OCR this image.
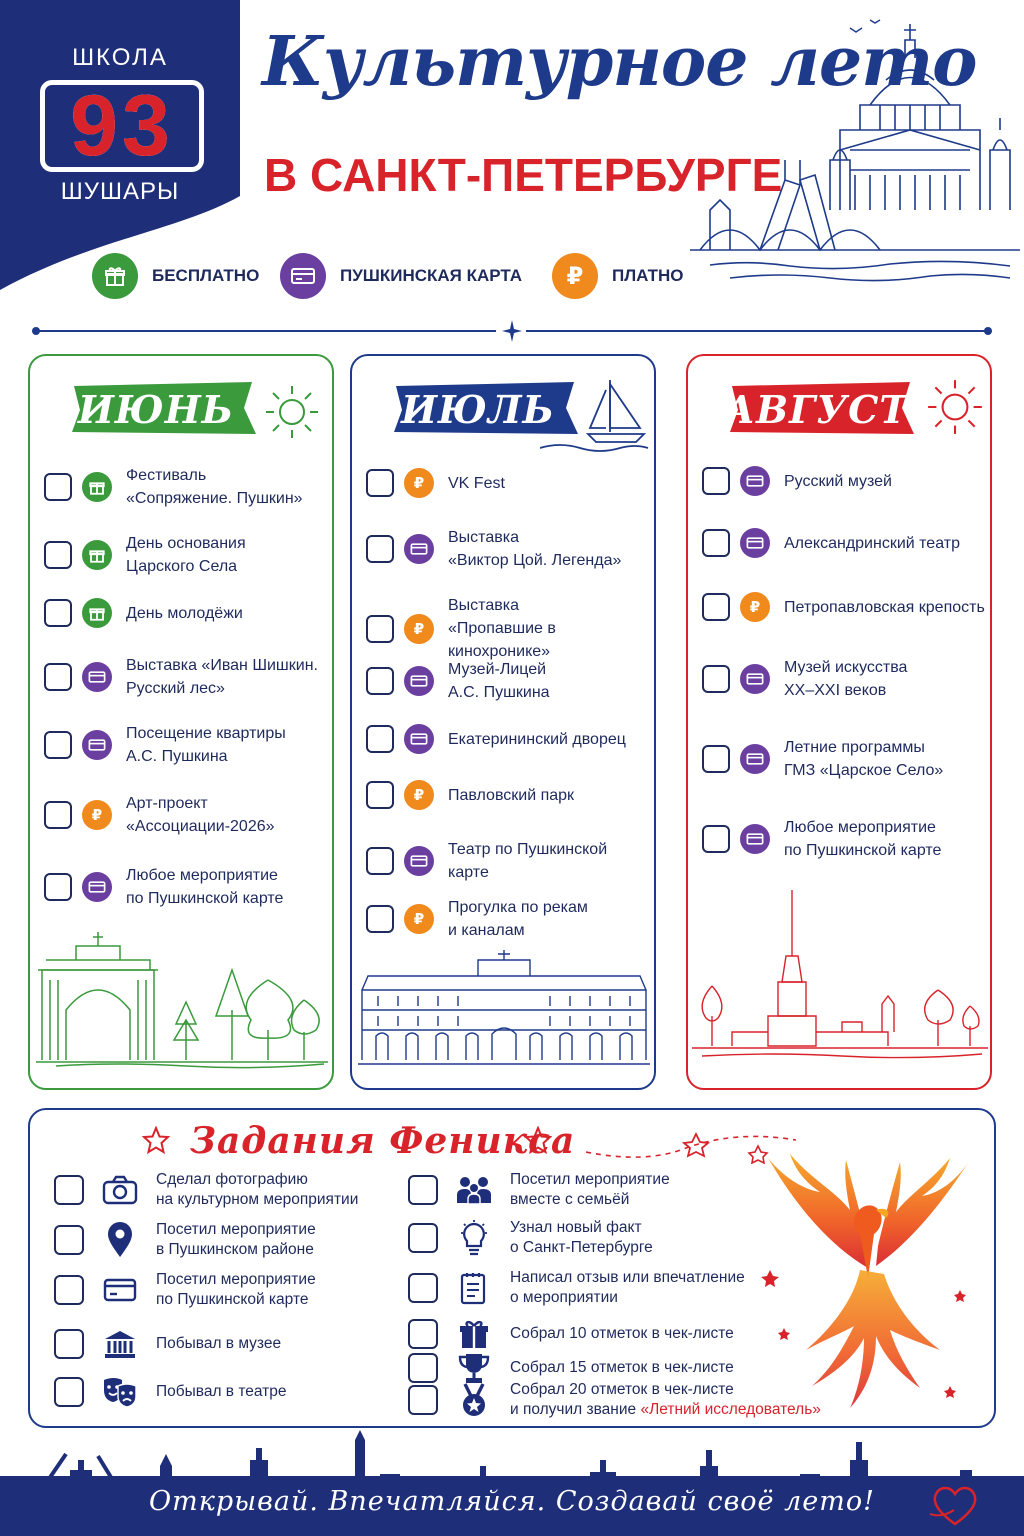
ШКОЛА
93
ШУШАРЫ
Культурное лето
В САНКТ-ПЕТЕРБУРГЕ
БЕСПЛАТНО	ПУШКИНСКАЯ КАРТА	₽	ПЛАТНО
ИЮНЬ
Фестиваль
«Сопряжение. Пушкин»
День основания
Царского Села
День молодёжи
Выставка «Иван Шишкин.
Русский лес»
Посещение квартиры
А.С. Пушкина
₽
Арт-проект
«Ассоциации-2026»
Любое мероприятие
по Пушкинской карте
ИЮЛЬ
₽	VK Fest
Выставка
«Виктор Цой. Легенда»
₽
Выставка
«Пропавшие в кинохронике»
Музей-Лицей
А.С. Пушкина
Екатерининский дворец
₽	Павловский парк
Театр по Пушкинской карте
₽
Прогулка по рекам
и каналам
АВГУСТ
Русский музей
Александринский театр
₽	Петропавловская крепость
Музей искусства
XX–XXI веков
Летние программы
ГМЗ «Царское Село»
Любое мероприятие
по Пушкинской карте
Задания Феникса
Сделал фотографию
на культурном мероприятии
Посетил мероприятие
в Пушкинском районе
Посетил мероприятие
по Пушкинской карте
Побывал в музее
Побывал в театре
Посетил мероприятие
вместе с семьёй
Узнал новый факт
о Санкт-Петербурге
Написал отзыв или впечатление
о мероприятии
Собрал 10 отметок в чек-листе
Собрал 15 отметок в чек-листе
Собрал 20 отметок в чек-листе
и получил звание «Летний исследователь»
Открывай. Впечатляйся. Создавай своё лето!
